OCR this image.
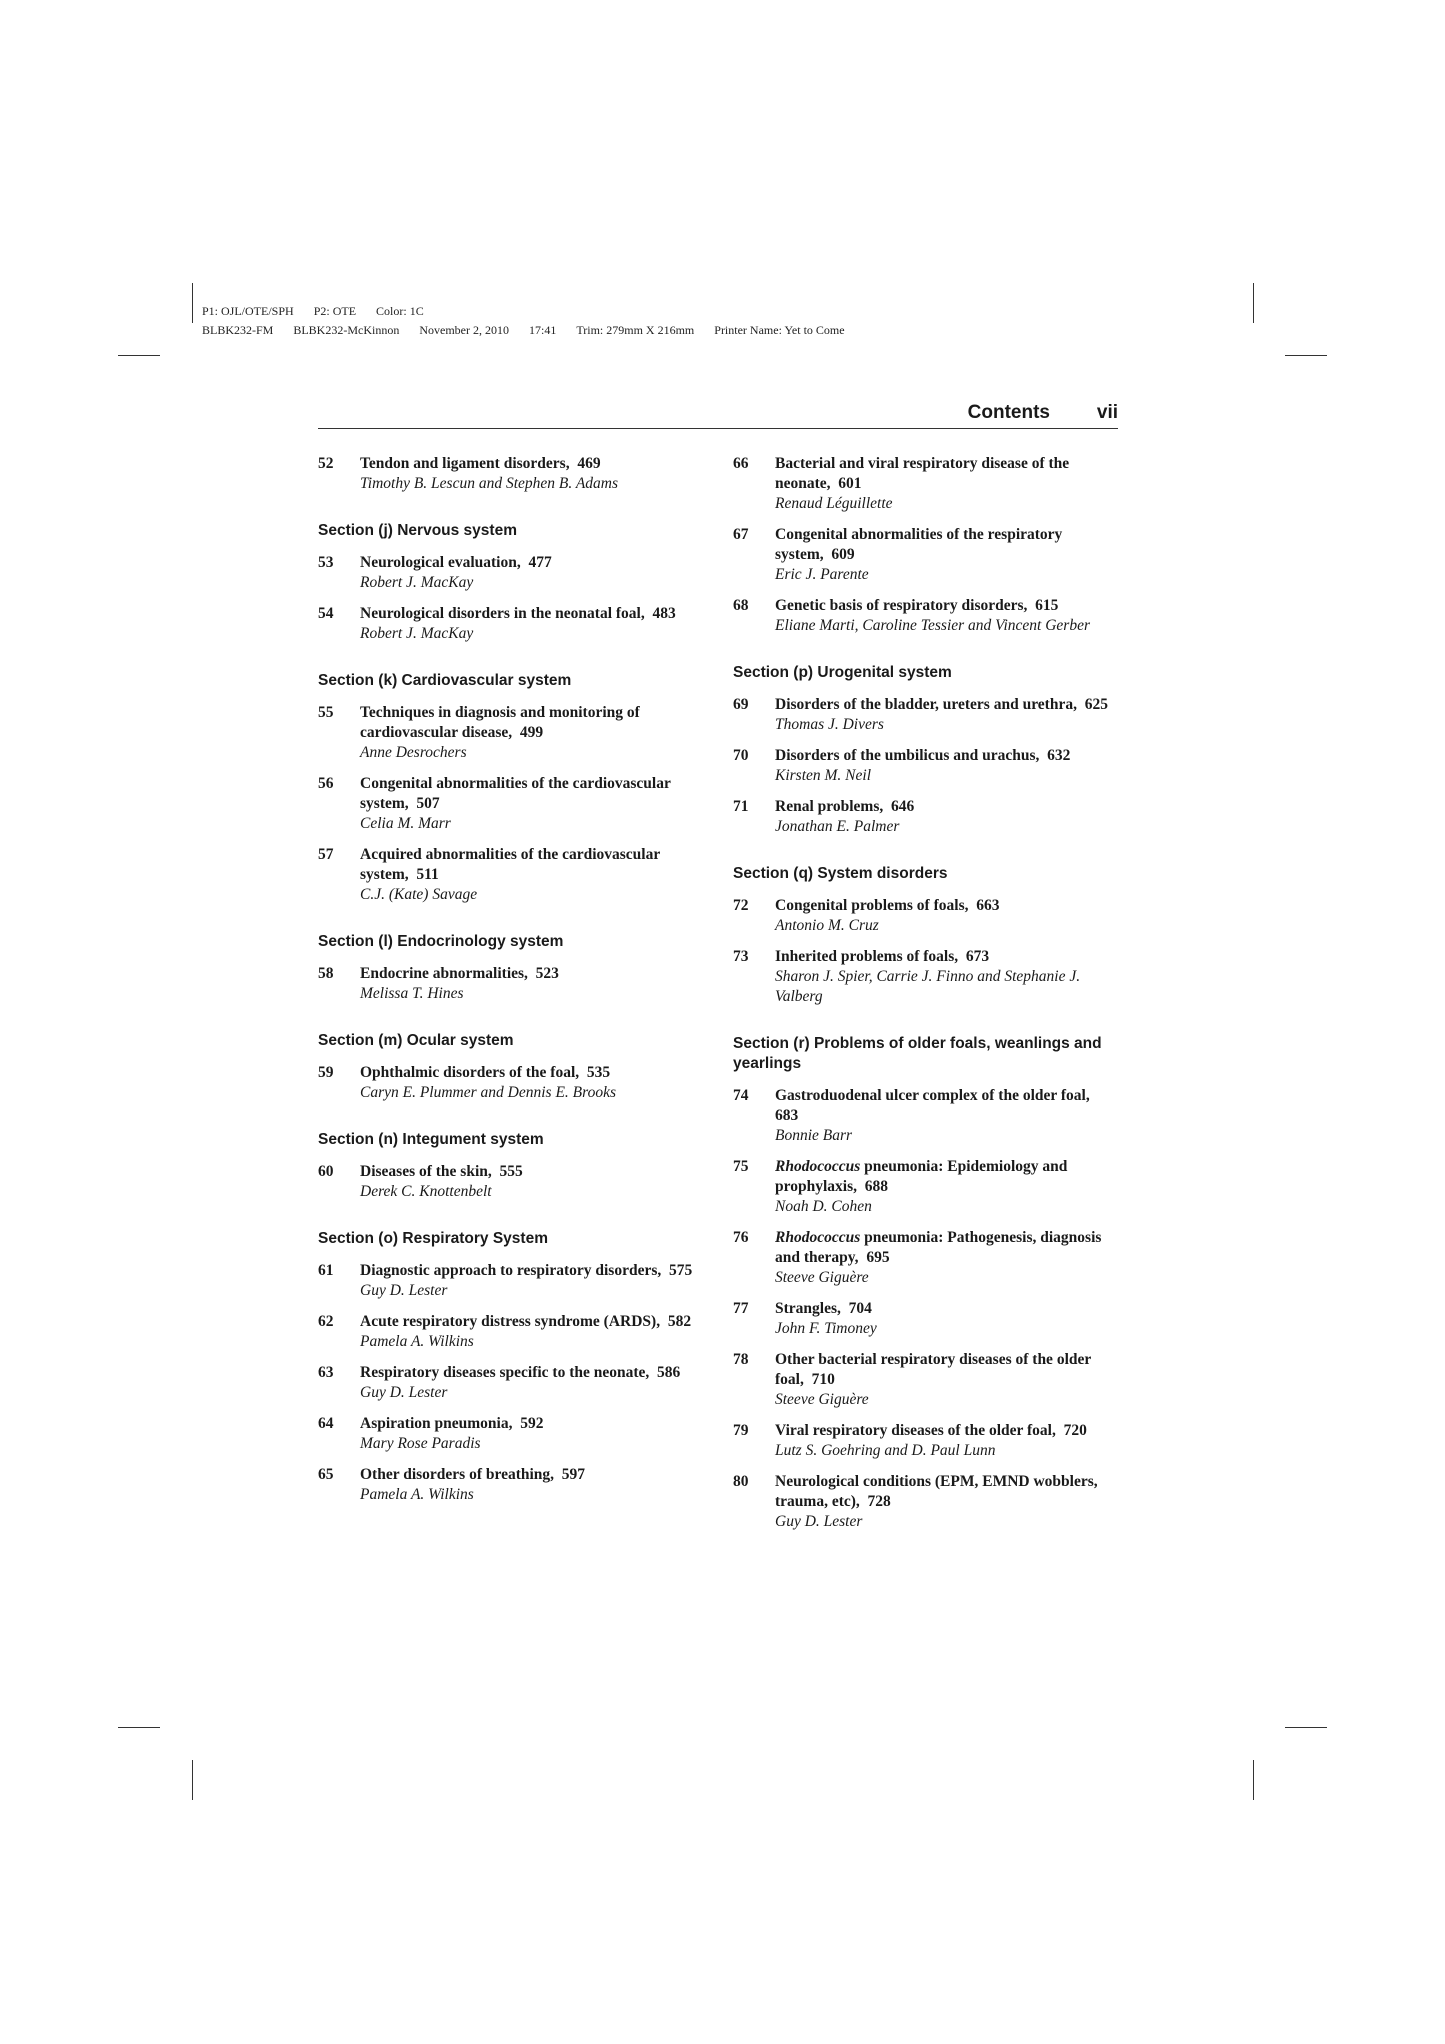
P1: OJL/OTE/SPH P2: OTE Color: 1C

BLBK232-FM BLBK232-McKinnon November 2, 2010 17:41 Trim: 279mm X 216mm Printer Name: Yet to Come

Contents vii
52 Tendon and ligament disorders,  469
Timothy B. Lescun and Stephen B. Adams
Section (j) Nervous system
53 Neurological evaluation,  477
Robert J. MacKay
54 Neurological disorders in the neonatal foal,  483
Robert J. MacKay
Section (k) Cardiovascular system
55 Techniques in diagnosis and monitoring of cardiovascular disease,  499
Anne Desrochers
56 Congenital abnormalities of the cardiovascular system,  507
Celia M. Marr
57 Acquired abnormalities of the cardiovascular system,  511
C.J. (Kate) Savage
Section (l) Endocrinology system
58 Endocrine abnormalities,  523
Melissa T. Hines
Section (m) Ocular system
59 Ophthalmic disorders of the foal,  535
Caryn E. Plummer and Dennis E. Brooks
Section (n) Integument system
60 Diseases of the skin,  555
Derek C. Knottenbelt
Section (o) Respiratory System
61 Diagnostic approach to respiratory disorders,  575
Guy D. Lester
62 Acute respiratory distress syndrome (ARDS),  582
Pamela A. Wilkins
63 Respiratory diseases specific to the neonate,  586
Guy D. Lester
64 Aspiration pneumonia,  592
Mary Rose Paradis
65 Other disorders of breathing,  597
Pamela A. Wilkins
66 Bacterial and viral respiratory disease of the neonate,  601
Renaud Léguillette
67 Congenital abnormalities of the respiratory system,  609
Eric J. Parente
68 Genetic basis of respiratory disorders,  615
Eliane Marti, Caroline Tessier and Vincent Gerber
Section (p) Urogenital system
69 Disorders of the bladder, ureters and urethra,  625
Thomas J. Divers
70 Disorders of the umbilicus and urachus,  632
Kirsten M. Neil
71 Renal problems,  646
Jonathan E. Palmer
Section (q) System disorders
72 Congenital problems of foals,  663
Antonio M. Cruz
73 Inherited problems of foals,  673
Sharon J. Spier, Carrie J. Finno and Stephanie J. Valberg
Section (r) Problems of older foals, weanlings and yearlings
74 Gastroduodenal ulcer complex of the older foal,  683
Bonnie Barr
75 Rhodococcus pneumonia: Epidemiology and prophylaxis,  688
Noah D. Cohen
76 Rhodococcus pneumonia: Pathogenesis, diagnosis and therapy,  695
Steeve Giguère
77 Strangles,  704
John F. Timoney
78 Other bacterial respiratory diseases of the older foal,  710
Steeve Giguère
79 Viral respiratory diseases of the older foal,  720
Lutz S. Goehring and D. Paul Lunn
80 Neurological conditions (EPM, EMND wobblers, trauma, etc),  728
Guy D. Lester
